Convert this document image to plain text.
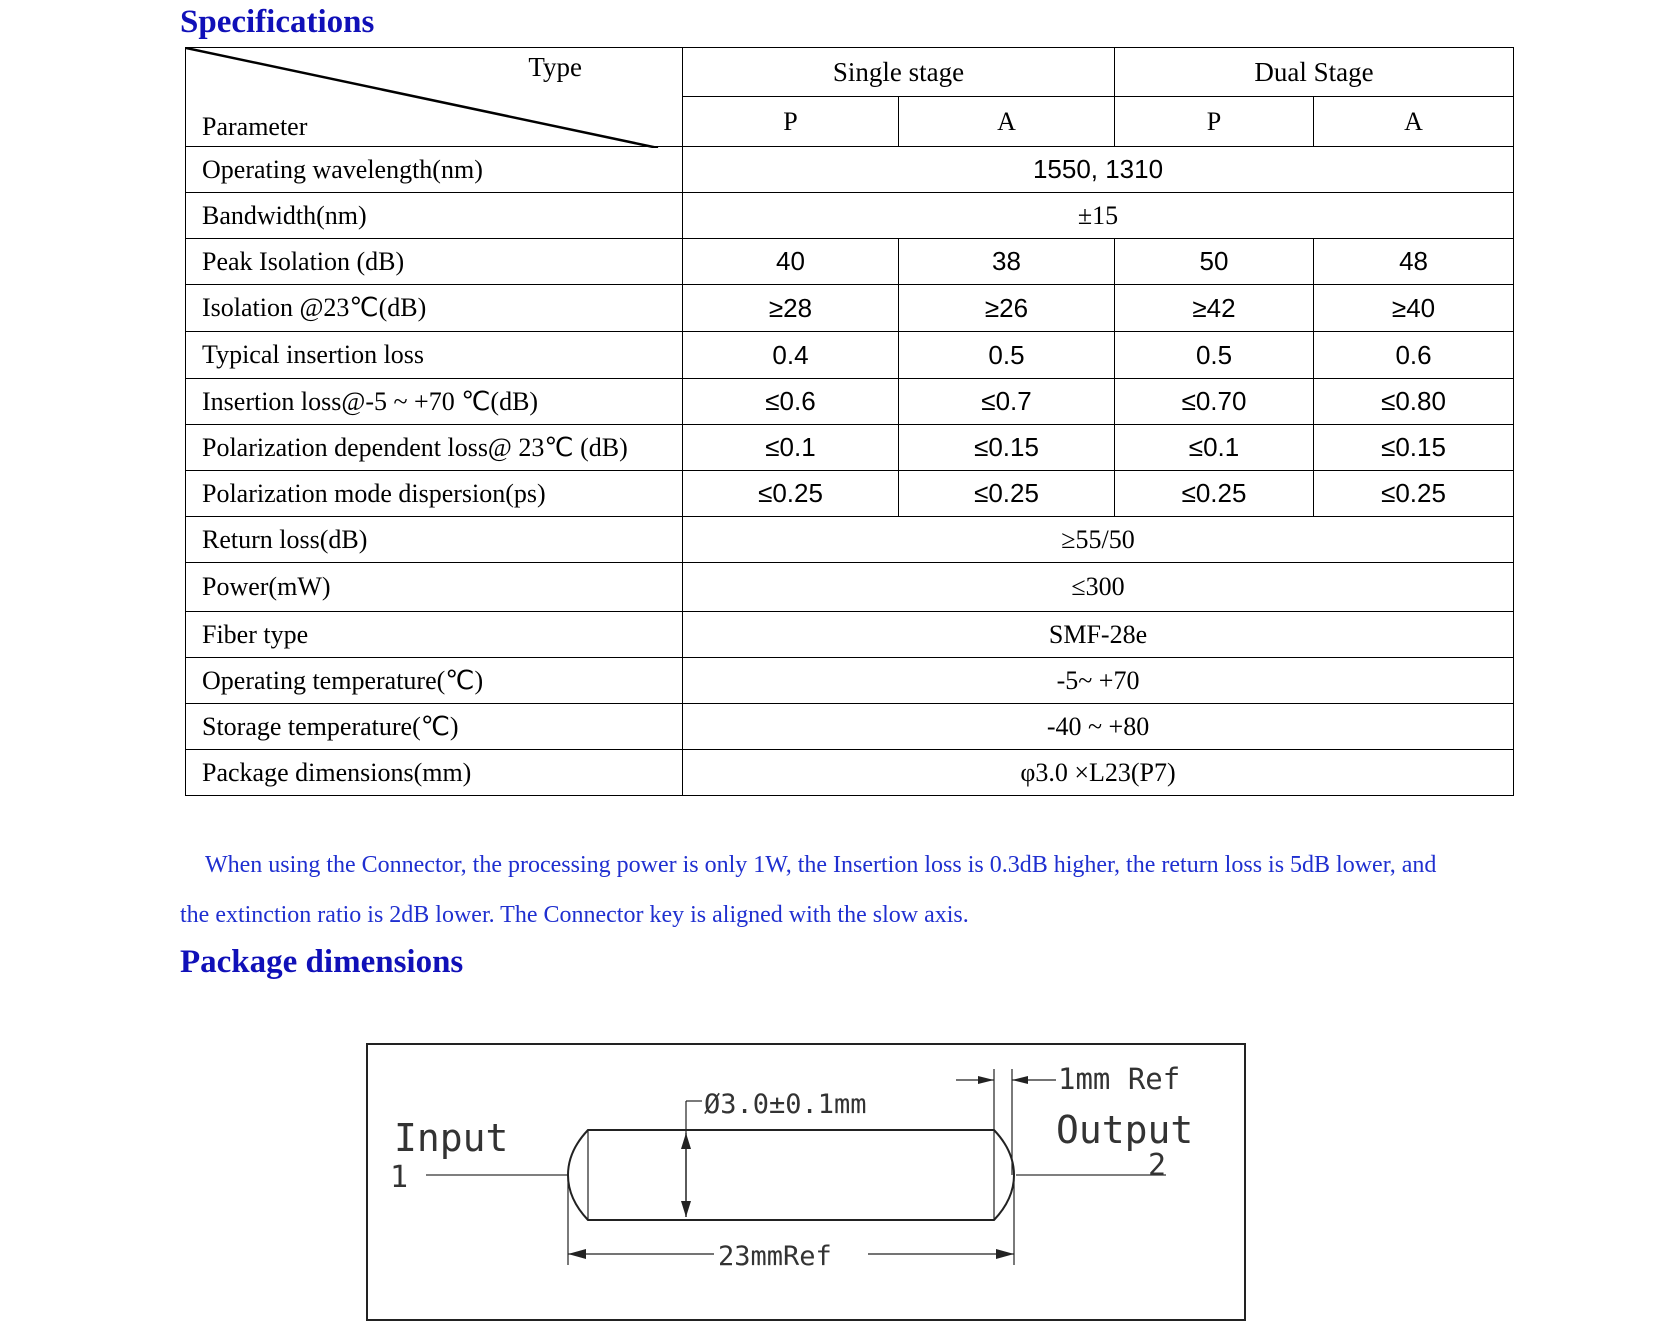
Specifications
Type
Parameter	Single stage		Dual Stage	
	P	A	P	A
Operating wavelength(nm)	1550, 1310			
Bandwidth(nm)	±15			
Peak Isolation (dB)	40	38	50	48
Isolation @23℃(dB)	≥28	≥26	≥42	≥40
Typical insertion loss	0.4	0.5	0.5	0.6
Insertion loss@-5 ~ +70 ℃(dB)	≤0.6	≤0.7	≤0.70	≤0.80
Polarization dependent loss@ 23℃ (dB)	≤0.1	≤0.15	≤0.1	≤0.15
Polarization mode dispersion(ps)	≤0.25	≤0.25	≤0.25	≤0.25
Return loss(dB)	≥55/50			
Power(mW)	≤300			
Fiber type	SMF-28e			
Operating temperature(℃)	-5~ +70			
Storage temperature(℃)	-40 ~ +80			
Package dimensions(mm)	φ3.0 ×L23(P7)			

When using the Connector, the processing power is only 1W, the Insertion loss is 0.3dB higher, the return loss is 5dB lower, and

the extinction ratio is 2dB lower. The Connector key is aligned with the slow axis.

Package dimensions
Ø3.0±0.1mm
1mm Ref
23mmRef
Input
1
Output
2
